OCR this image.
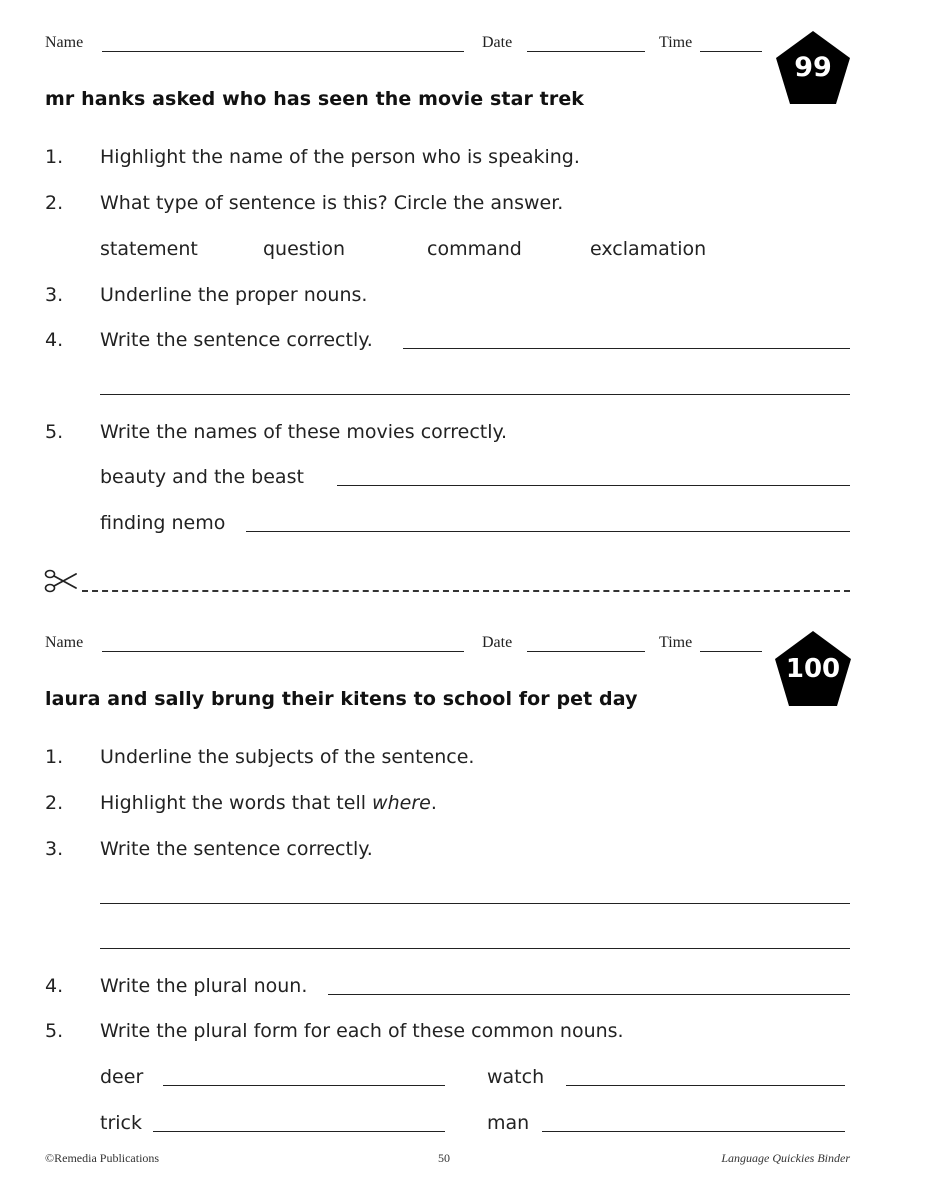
Name	Date	Time
99
mr hanks asked who has seen the movie star trek
1. Highlight the name of the person who is speaking.
2. What type of sentence is this? Circle the answer.
statement	question	command	exclamation
3. Underline the proper nouns.
4. Write the sentence correctly.
5. Write the names of these movies correctly.
beauty and the beast
finding nemo
Name	Date	Time
100
laura and sally brung their kitens to school for pet day
1. Underline the subjects of the sentence.
2. Highlight the words that tell where.
3. Write the sentence correctly.
4. Write the plural noun.
5. Write the plural form for each of these common nouns.
deer	watch
trick	man
©Remedia Publications	50	Language Quickies Binder
